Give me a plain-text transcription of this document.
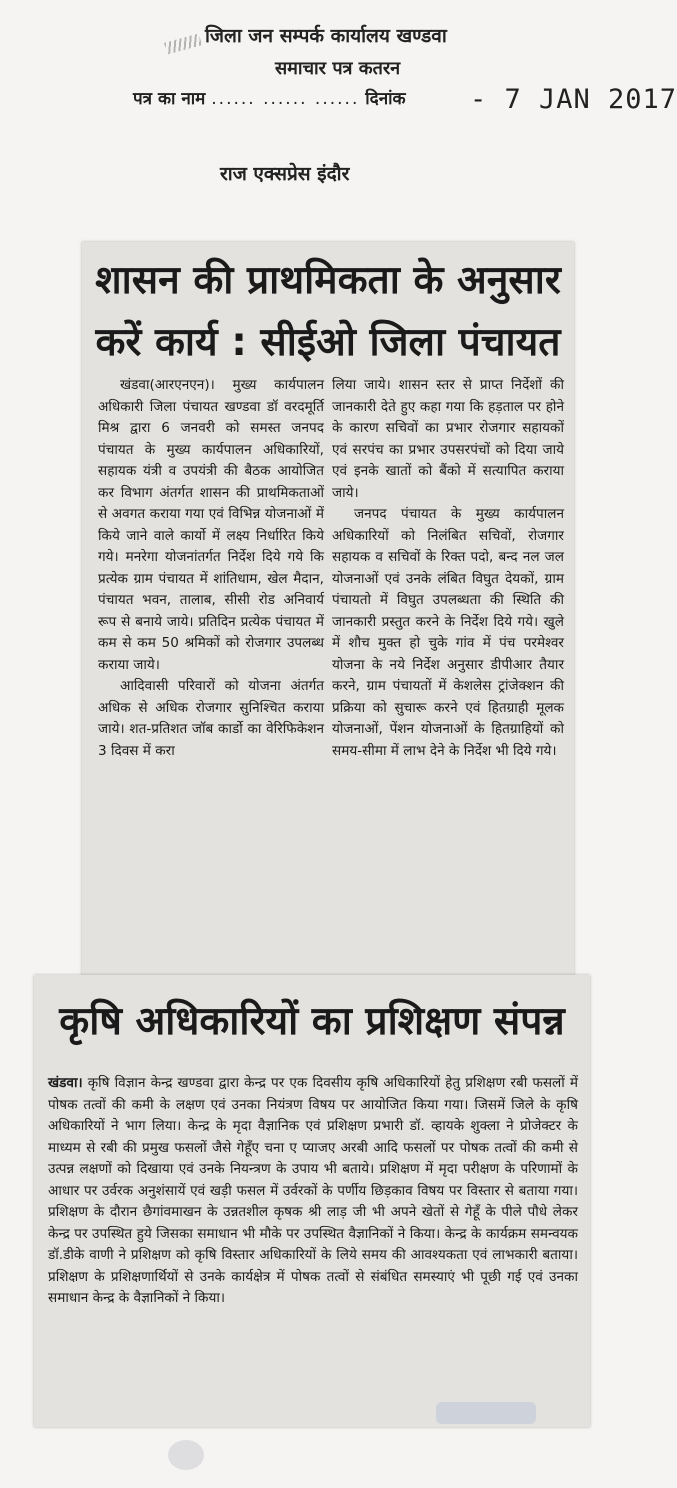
जिला जन सम्पर्क कार्यालय खण्डवा
समाचार पत्र कतरन
पत्र का नाम ...... ...... ...... दिनांक - 7 JAN 2017
राज एक्सप्रेस इंदौर
शासन की प्राथमिकता के अनुसार
करें कार्य : सीईओ जिला पंचायत

खंडवा(आरएनएन)। मुख्य कार्यपालन अधिकारी जिला पंचायत खण्डवा डॉ वरदमूर्ति मिश्र द्वारा 6 जनवरी को समस्त जनपद पंचायत के मुख्य कार्यपालन अधिकारियों, सहायक यंत्री व उपयंत्री की बैठक आयोजित कर विभाग अंतर्गत शासन की प्राथमिकताओं से अवगत कराया गया एवं विभिन्न योजनाओं में किये जाने वाले कार्यो में लक्ष्य निर्धारित किये गये। मनरेगा योजनांतर्गत निर्देश दिये गये कि प्रत्येक ग्राम पंचायत में शांतिधाम, खेल मैदान, पंचायत भवन, तालाब, सीसी रोड अनिवार्य रूप से बनाये जाये। प्रतिदिन प्रत्येक पंचायत में कम से कम 50 श्रमिकों को रोजगार उपलब्ध कराया जाये।

आदिवासी परिवारों को योजना अंतर्गत अधिक से अधिक रोजगार सुनिश्चित कराया जाये। शत-प्रतिशत जॉब कार्डो का वेरिफिकेशन 3 दिवस में करा

लिया जाये। शासन स्तर से प्राप्त निर्देशों की जानकारी देते हुए कहा गया कि हड़ताल पर होने के कारण सचिवों का प्रभार रोजगार सहायकों एवं सरपंच का प्रभार उपसरपंचों को दिया जाये एवं इनके खातों को बैंको में सत्यापित कराया जाये।

जनपद पंचायत के मुख्य कार्यपालन अधिकारियों को निलंबित सचिवों, रोजगार सहायक व सचिवों के रिक्त पदो, बन्द नल जल योजनाओं एवं उनके लंबित विघुत देयकों, ग्राम पंचायतो में विघुत उपलब्धता की स्थिति की जानकारी प्रस्तुत करने के निर्देश दिये गये। खुले में शौच मुक्त हो चुके गांव में पंच परमेश्वर योजना के नये निर्देश अनुसार डीपीआर तैयार करने, ग्राम पंचायतों में केशलेस ट्रांजेक्शन की प्रक्रिया को सुचारू करने एवं हितग्राही मूलक योजनाओं, पेंशन योजनाओं के हितग्राहियों को समय-सीमा में लाभ देने के निर्देश भी दिये गये।

कृषि अधिकारियों का प्रशिक्षण संपन्न

खंडवा। कृषि विज्ञान केन्द्र खण्डवा द्वारा केन्द्र पर एक दिवसीय कृषि अधिकारियों हेतु प्रशिक्षण रबी फसलों में पोषक तत्वों की कमी के लक्षण एवं उनका नियंत्रण विषय पर आयोजित किया गया। जिसमें जिले के कृषि अधिकारियों ने भाग लिया। केन्द्र के मृदा वैज्ञानिक एवं प्रशिक्षण प्रभारी डॉ. व्हायके शुक्ला ने प्रोजेक्टर के माध्यम से रबी की प्रमुख फसलों जैसे गेहूँए चना ए प्याजए अरबी आदि फसलों पर पोषक तत्वों की कमी से उत्पन्न लक्षणों को दिखाया एवं उनके नियन्त्रण के उपाय भी बताये। प्रशिक्षण में मृदा परीक्षण के परिणामों के आधार पर उर्वरक अनुशंसायें एवं खड़ी फसल में उर्वरकों के पर्णीय छिड़काव विषय पर विस्तार से बताया गया। प्रशिक्षण के दौरान छैगांवमाखन के उन्नतशील कृषक श्री लाड़ जी भी अपने खेतों से गेहूँ के पीले पौधे लेकर केन्द्र पर उपस्थित हुये जिसका समाधान भी मौके पर उपस्थित वैज्ञानिकों ने किया। केन्द्र के कार्यक्रम समन्वयक डॉ.डीके वाणी ने प्रशिक्षण को कृषि विस्तार अधिकारियों के लिये समय की आवश्यकता एवं लाभकारी बताया। प्रशिक्षण के प्रशिक्षणार्थियों से उनके कार्यक्षेत्र में पोषक तत्वों से संबंधित समस्याएं भी पूछी गई एवं उनका समाधान केन्द्र के वैज्ञानिकों ने किया।
